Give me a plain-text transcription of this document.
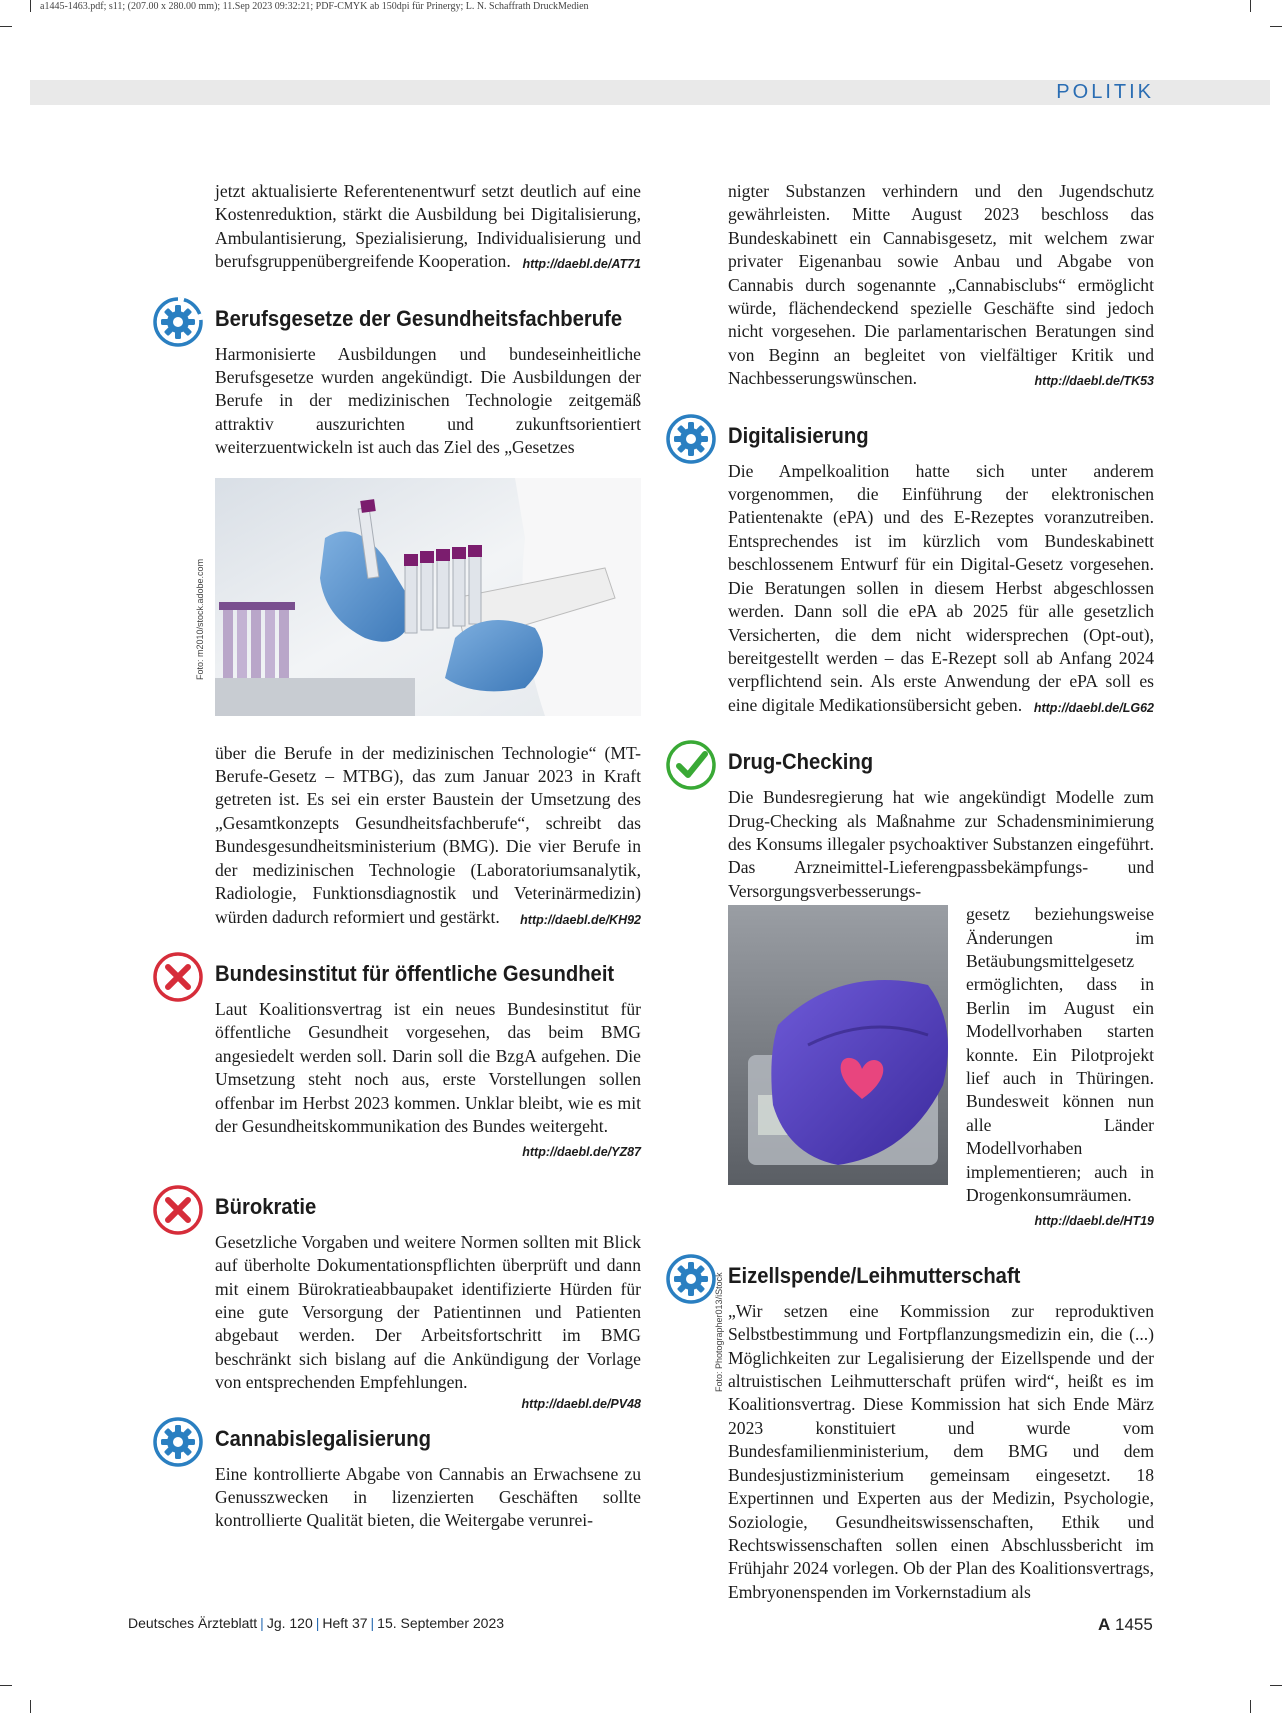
a1445-1463.pdf; s11; (207.00 x 280.00 mm); 11.Sep 2023 09:32:21; PDF-CMYK ab 150dpi für Prinergy; L. N. Schaffrath DruckMedien
POLITIK

jetzt aktualisierte Referentenentwurf setzt deutlich auf eine Kostenreduktion, stärkt die Ausbildung bei Digitalisierung, Ambulantisierung, Spezialisierung, Individualisierung und berufsgruppenübergreifende Kooperation. http://daebl.de/AT71

Berufsgesetze der Gesundheitsfachberufe

Harmonisierte Ausbildungen und bundeseinheitliche Berufsgesetze wurden angekündigt. Die Ausbildungen der Berufe in der medizinischen Technologie zeitgemäß attraktiv auszurichten und zukunftsorientiert weiterzuentwickeln ist auch das Ziel des „Gesetzes

Foto: m2010/stock.adobe.com

über die Berufe in der medizinischen Technologie“ (MT-Berufe-Gesetz – MTBG), das zum Januar 2023 in Kraft getreten ist. Es sei ein erster Baustein der Umsetzung des „Gesamtkonzepts Gesundheitsfachberufe“, schreibt das Bundesgesundheitsministerium (BMG). Die vier Berufe in der medizinischen Technologie (Laboratoriumsanalytik, Radiologie, Funktionsdiagnostik und Veterinärmedizin) würden dadurch reformiert und gestärkt. http://daebl.de/KH92

Bundesinstitut für öffentliche Gesundheit

Laut Koalitionsvertrag ist ein neues Bundesinstitut für öffentliche Gesundheit vorgesehen, das beim BMG angesiedelt werden soll. Darin soll die BzgA aufgehen. Die Umsetzung steht noch aus, erste Vorstellungen sollen offenbar im Herbst 2023 kommen. Unklar bleibt, wie es mit der Gesundheitskommunikation des Bundes weitergeht.
http://daebl.de/YZ87

Bürokratie

Gesetzliche Vorgaben und weitere Normen sollten mit Blick auf überholte Dokumentationspflichten überprüft und dann mit einem Bürokratieabbaupaket identifizierte Hürden für eine gute Versorgung der Patientinnen und Patienten abgebaut werden. Der Arbeitsfortschritt im BMG beschränkt sich bislang auf die Ankündigung der Vorlage von entsprechenden Empfehlungen.

http://daebl.de/PV48
Cannabislegalisierung

Eine kontrollierte Abgabe von Cannabis an Erwachsene zu Genusszwecken in lizenzierten Geschäften sollte kontrollierte Qualität bieten, die Weitergabe verunrei-

nigter Substanzen verhindern und den Jugendschutz gewährleisten. Mitte August 2023 beschloss das Bundeskabinett ein Cannabisgesetz, mit welchem zwar privater Eigenanbau sowie Anbau und Abgabe von Cannabis durch sogenannte „Cannabisclubs“ ermöglicht würde, flächendeckend spezielle Geschäfte sind jedoch nicht vorgesehen. Die parlamentarischen Beratungen sind von Beginn an begleitet von vielfältiger Kritik und Nachbesserungswünschen.	http://daebl.de/TK53

Digitalisierung

Die Ampelkoalition hatte sich unter anderem vorgenommen, die Einführung der elektronischen Patientenakte (ePA) und des E-Rezeptes voranzutreiben. Entsprechendes ist im kürzlich vom Bundeskabinett beschlossenem Entwurf für ein Digital-Gesetz vorgesehen. Die Beratungen sollen in diesem Herbst abgeschlossen werden. Dann soll die ePA ab 2025 für alle gesetzlich Versicherten, die dem nicht widersprechen (Opt-out), bereitgestellt werden – das E-Rezept soll ab Anfang 2024 verpflichtend sein. Als erste Anwendung der ePA soll es eine digitale Medikationsübersicht geben. http://daebl.de/LG62

Drug-Checking

Die Bundesregierung hat wie angekündigt Modelle zum Drug-Checking als Maßnahme zur Schadensminimierung des Konsums illegaler psychoaktiver Substanzen eingeführt. Das Arzneimittel-Lieferengpassbekämpfungs- und Versorgungsverbesserungs-

gesetz beziehungsweise Änderungen im Betäubungsmittelgesetz ermöglichten, dass in Berlin im August ein Modellvorhaben starten konnte. Ein Pilotprojekt lief auch in Thüringen. Bundesweit können nun alle Länder Modellvorhaben implementieren; auch in Drogenkonsumräumen.
http://daebl.de/HT19

Foto: Photographer013/iStock Eizellspende/Leihmutterschaft

„Wir setzen eine Kommission zur reproduktiven Selbstbestimmung und Fortpflanzungsmedizin ein, die (...) Möglichkeiten zur Legalisierung der Eizellspende und der altruistischen Leihmutterschaft prüfen wird“, heißt es im Koalitionsvertrag. Diese Kommission hat sich Ende März 2023 konstituiert und wurde vom Bundesfamilienministerium, dem BMG und dem Bundesjustizministerium gemeinsam eingesetzt. 18 Expertinnen und Experten aus der Medizin, Psychologie, Soziologie, Gesundheitswissenschaften, Ethik und Rechtswissenschaften sollen einen Abschlussbericht im Frühjahr 2024 vorlegen. Ob der Plan des Koalitionsvertrags, Embryonenspenden im Vorkernstadium als

Deutsches Ärzteblatt | Jg. 120 | Heft 37 | 15. September 2023	A 1455
